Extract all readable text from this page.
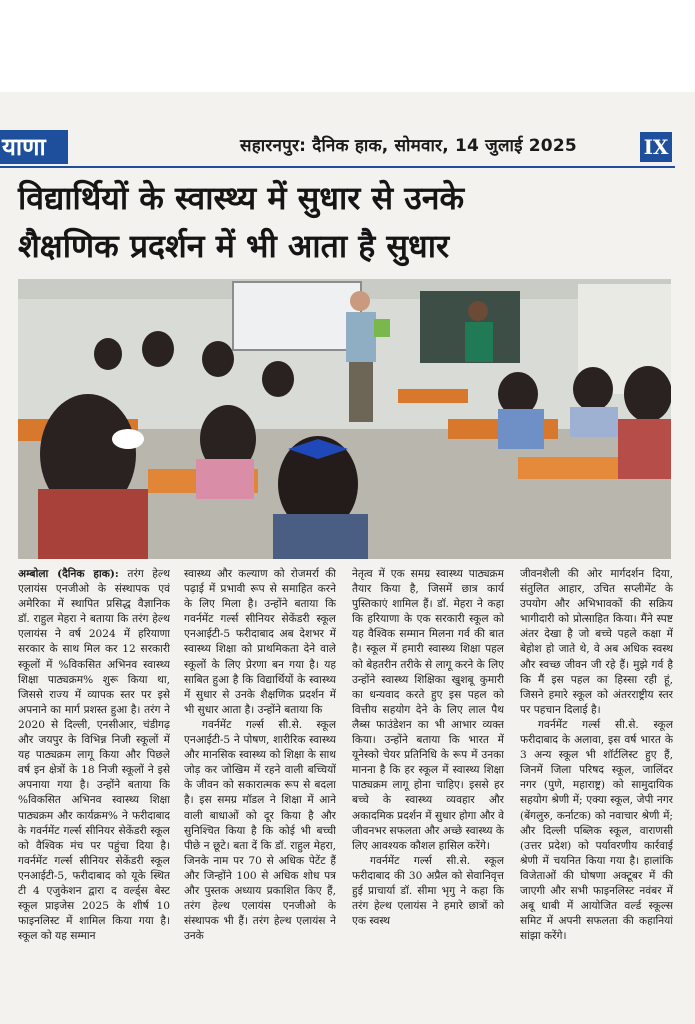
याणा	सहारनपुर: दैनिक हाक, सोमवार, 14 जुलाई 2025	IX
विद्यार्थियों के स्वास्थ्य में सुधार से उनके
शैक्षणिक प्रदर्शन में भी आता है सुधार

अम्बोला (दैनिक हाक): तरंग हेल्थ एलायंस एनजीओ के संस्थापक एवं अमेरिका में स्थापित प्रसिद्ध वैज्ञानिक डॉ. राहुल मेहरा ने बताया कि तरंग हेल्थ एलायंस ने वर्ष 2024 में हरियाणा सरकार के साथ मिल कर 12 सरकारी स्कूलों में %विकसित अभिनव स्वास्थ्य शिक्षा पाठ्यक्रम% शुरू किया था, जिससे राज्य में व्यापक स्तर पर इसे अपनाने का मार्ग प्रशस्त हुआ है। तरंग ने 2020 से दिल्ली, एनसीआर, चंडीगढ़ और जयपुर के विभिन्न निजी स्कूलों में यह पाठ्यक्रम लागू किया और पिछले वर्ष इन क्षेत्रों के 18 निजी स्कूलों ने इसे अपनाया गया है। उन्होंने बताया कि %विकसित अभिनव स्वास्थ्य शिक्षा पाठ्यक्रम और कार्यक्रम% ने फरीदाबाद के गवर्नमेंट गर्ल्स सीनियर सेकेंडरी स्कूल को वैश्विक मंच पर पहुंचा दिया है। गवर्नमेंट गर्ल्स सीनियर सेकेंडरी स्कूल एनआईटी-5, फरीदाबाद को यूके स्थित टी 4 एजुकेशन द्वारा द वर्ल्ड्स बेस्ट स्कूल प्राइजेस 2025 के शीर्ष 10 फाइनलिस्ट में शामिल किया गया है। स्कूल को यह सम्मान

स्वास्थ्य और कल्याण को रोजमर्रा की पढ़ाई में प्रभावी रूप से समाहित करने के लिए मिला है। उन्होंने बताया कि गवर्नमेंट गर्ल्स सीनियर सेकेंडरी स्कूल एनआईटी-5 फरीदाबाद अब देशभर में स्वास्थ्य शिक्षा को प्राथमिकता देने वाले स्कूलों के लिए प्रेरणा बन गया है। यह साबित हुआ है कि विद्यार्थियों के स्वास्थ्य में सुधार से उनके शैक्षणिक प्रदर्शन में भी सुधार आता है। उन्होंने बताया कि

गवर्नमेंट गर्ल्स सी.से. स्कूल एनआईटी-5 ने पोषण, शारीरिक स्वास्थ्य और मानसिक स्वास्थ्य को शिक्षा के साथ जोड़ कर जोखिम में रहने वाली बच्चियों के जीवन को सकारात्मक रूप से बदला है। इस समग्र मॉडल ने शिक्षा में आने वाली बाधाओं को दूर किया है और सुनिश्चित किया है कि कोई भी बच्ची पीछे न छूटे। बता दें कि डॉ. राहुल मेहरा, जिनके नाम पर 70 से अधिक पेटेंट हैं और जिन्होंने 100 से अधिक शोध पत्र और पुस्तक अध्याय प्रकाशित किए हैं, तरंग हेल्थ एलायंस एनजीओ के संस्थापक भी हैं। तरंग हेल्थ एलायंस ने उनके

नेतृत्व में एक समग्र स्वास्थ्य पाठ्यक्रम तैयार किया है, जिसमें छात्र कार्य पुस्तिकाएं शामिल हैं। डॉ. मेहरा ने कहा कि हरियाणा के एक सरकारी स्कूल को यह वैश्विक सम्मान मिलना गर्व की बात है। स्कूल में हमारी स्वास्थ्य शिक्षा पहल को बेहतरीन तरीके से लागू करने के लिए उन्होंने स्वास्थ्य शिक्षिका खुशबू कुमारी का धन्यवाद करते हुए इस पहल को वित्तीय सहयोग देने के लिए लाल पैथ लैब्स फाउंडेशन का भी आभार व्यक्त किया। उन्होंने बताया कि भारत में यूनेस्को चेयर प्रतिनिधि के रूप में उनका मानना है कि हर स्कूल में स्वास्थ्य शिक्षा पाठ्यक्रम लागू होना चाहिए। इससे हर बच्चे के स्वास्थ्य व्यवहार और अकादमिक प्रदर्शन में सुधार होगा और वे जीवनभर सफलता और अच्छे स्वास्थ्य के लिए आवश्यक कौशल हासिल करेंगे।

गवर्नमेंट गर्ल्स सी.से. स्कूल फरीदाबाद की 30 अप्रैल को सेवानिवृत्त हुई प्राचार्या डॉ. सीमा भृगु ने कहा कि तरंग हेल्थ एलायंस ने हमारे छात्रों को एक स्वस्थ

जीवनशैली की ओर मार्गदर्शन दिया, संतुलित आहार, उचित सप्लीमेंट के उपयोग और अभिभावकों की सक्रिय भागीदारी को प्रोत्साहित किया। मैंने स्पष्ट अंतर देखा है जो बच्चे पहले कक्षा में बेहोश हो जाते थे, वे अब अधिक स्वस्थ और स्वच्छ जीवन जी रहे हैं। मुझे गर्व है कि मैं इस पहल का हिस्सा रही हूं, जिसने हमारे स्कूल को अंतरराष्ट्रीय स्तर पर पहचान दिलाई है।

गवर्नमेंट गर्ल्स सी.से. स्कूल फरीदाबाद के अलावा, इस वर्ष भारत के 3 अन्य स्कूल भी शॉर्टलिस्ट हुए हैं, जिनमें जिला परिषद स्कूल, जालिंदर नगर (पुणे, महाराष्ट्र) को सामुदायिक सहयोग श्रेणी में; एक्या स्कूल, जेपी नगर (बेंगलुरु, कर्नाटक) को नवाचार श्रेणी में; और दिल्ली पब्लिक स्कूल, वाराणसी (उत्तर प्रदेश) को पर्यावरणीय कार्रवाई श्रेणी में चयनित किया गया है। हालांकि विजेताओं की घोषणा अक्टूबर में की जाएगी और सभी फाइनलिस्ट नवंबर में अबू धाबी में आयोजित वर्ल्ड स्कूल्स समिट में अपनी सफलता की कहानियां सांझा करेंगे।
